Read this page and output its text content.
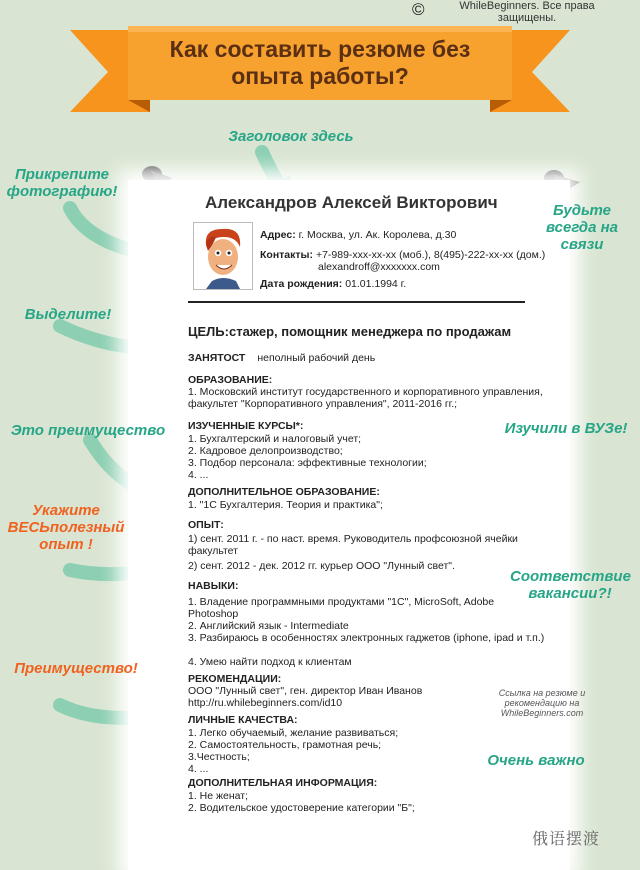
©	WhileBeginners. Все права защищены.
Как составить резюме без опыта работы?
Александров Алексей Викторович
Адрес: г. Москва, ул. Ак. Королева, д.30
Контакты: +7-989-xxx-xx-xx (моб.), 8(495)-222-xx-xx (дом.)
alexandroff@xxxxxxx.com
Дата рождения: 01.01.1994 г.
ЦЕЛЬ:стажер, помощник менеджера по продажам
ЗАНЯТОСТ неполный рабочий день
ОБРАЗОВАНИЕ:
1. Московский институт государственного и корпоративного управления, факультет "Корпоративного управления", 2011-2016 гг.;
ИЗУЧЕННЫЕ КУРСЫ*:
1. Бухгалтерский и налоговый учет;
2. Кадровое делопроизводство;
3. Подбор персонала: эффективные технологии;
4. ...
ДОПОЛНИТЕЛЬНОЕ ОБРАЗОВАНИЕ:
1. "1С Бухгалтерия. Теория и практика";
ОПЫТ:
1) сент. 2011 г. - по наст. время. Руководитель профсоюзной ячейки факультет
2) сент. 2012 - дек. 2012 гг. курьер ООО "Лунный свет".
НАВЫКИ:
1. Владение программными продуктами "1С", MicroSoft, Adobe Photoshop
2. Английский язык - Intermediate
3. Разбираюсь в особенностях электронных гаджетов (iphone, ipad и т.п.)
4. Умею найти подход к клиентам
РЕКОМЕНДАЦИИ:
ООО "Лунный свет", ген. директор Иван Иванов
http://ru.whilebeginners.com/id10
ЛИЧНЫЕ КАЧЕСТВА:
1. Легко обучаемый, желание развиваться;
2. Самостоятельность, грамотная речь;
3.Честность;
4. ...
ДОПОЛНИТЕЛЬНАЯ ИНФОРМАЦИЯ:
1. Не женат;
2. Водительское удостоверение категории "Б";
Заголовок здесь
Прикрепите фотографию!
Будьте всегда на связи
Выделите!
Это преимущество	Изучили в ВУЗе!
Укажите ВЕСЬполезный опыт !
Соответствие вакансии?!
Преимущество!
Ссылка на резюме и рекомендацию на WhileBeginners.com
Очень важно
俄语摆渡
